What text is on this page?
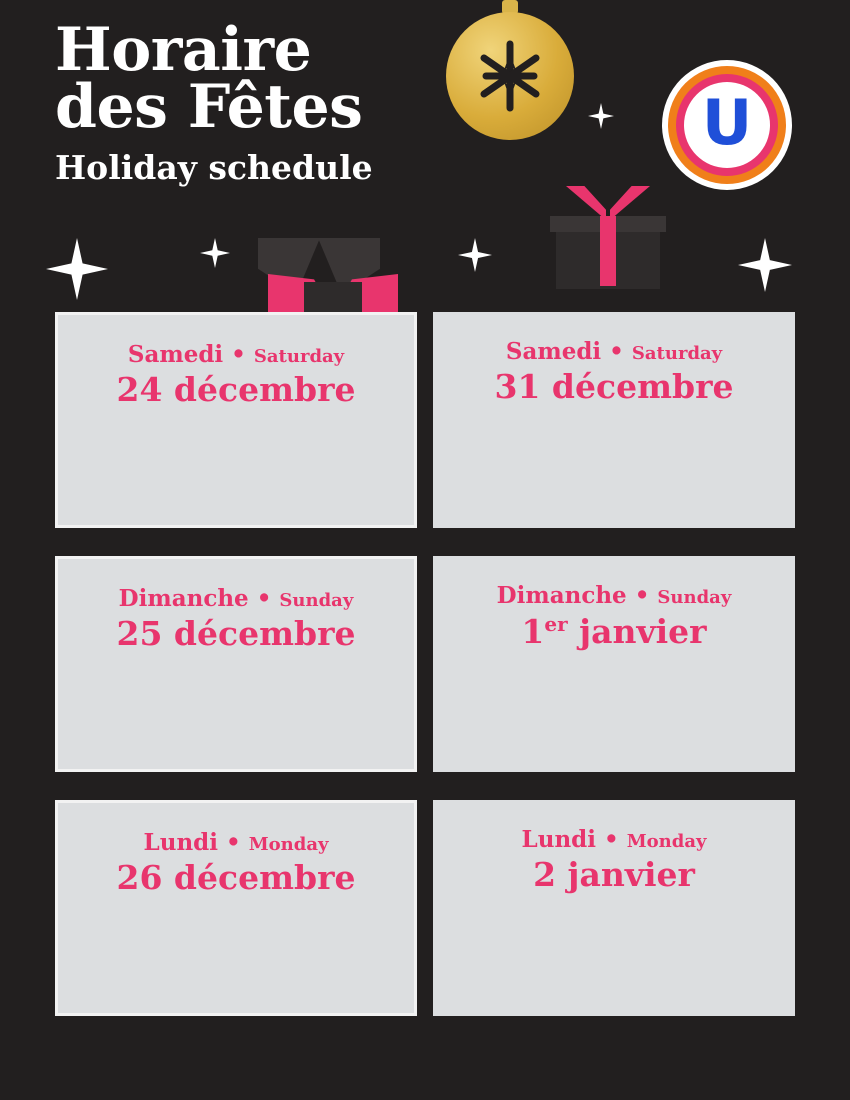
Horaire
des Fêtes
Holiday schedule
U
Samedi • Saturday
24 décembre
Samedi • Saturday
31 décembre
Dimanche • Sunday
25 décembre
Dimanche • Sunday
1er janvier
Lundi • Monday
26 décembre
Lundi • Monday
2 janvier
